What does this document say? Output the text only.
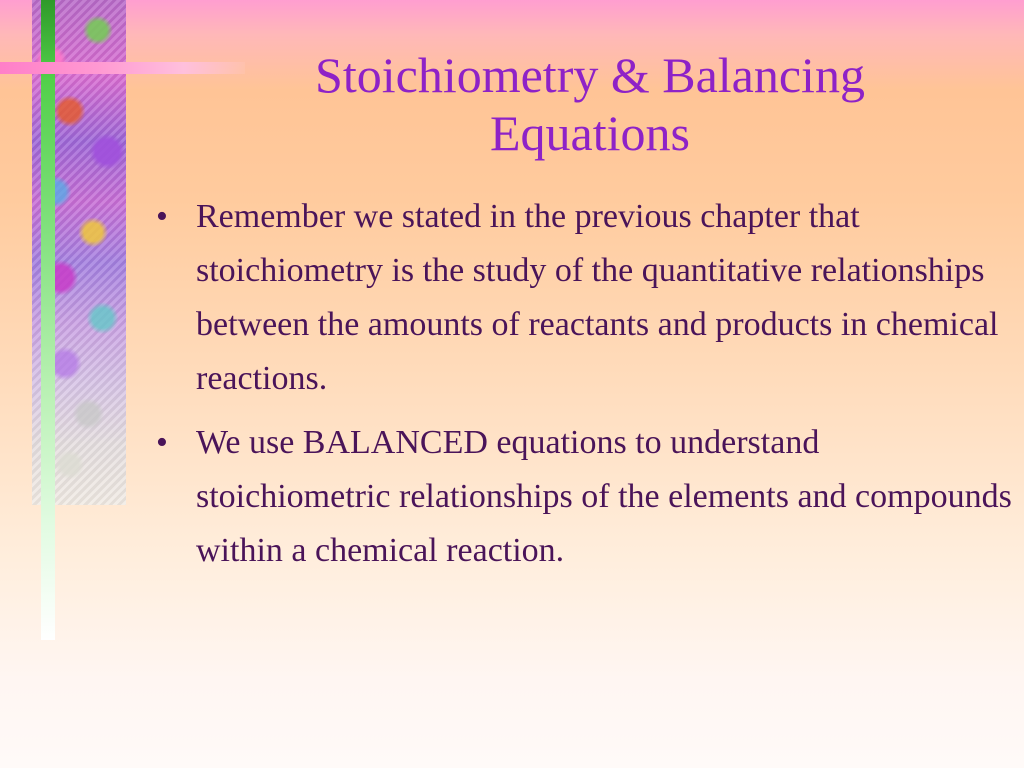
Stoichiometry & Balancing
Equations
• Remember we stated in the previous chapter that stoichiometry is the study of the quantitative relationships between the amounts of reactants and products in chemical reactions.
• We use BALANCED equations to understand stoichiometric relationships of the elements and compounds within a chemical reaction.
